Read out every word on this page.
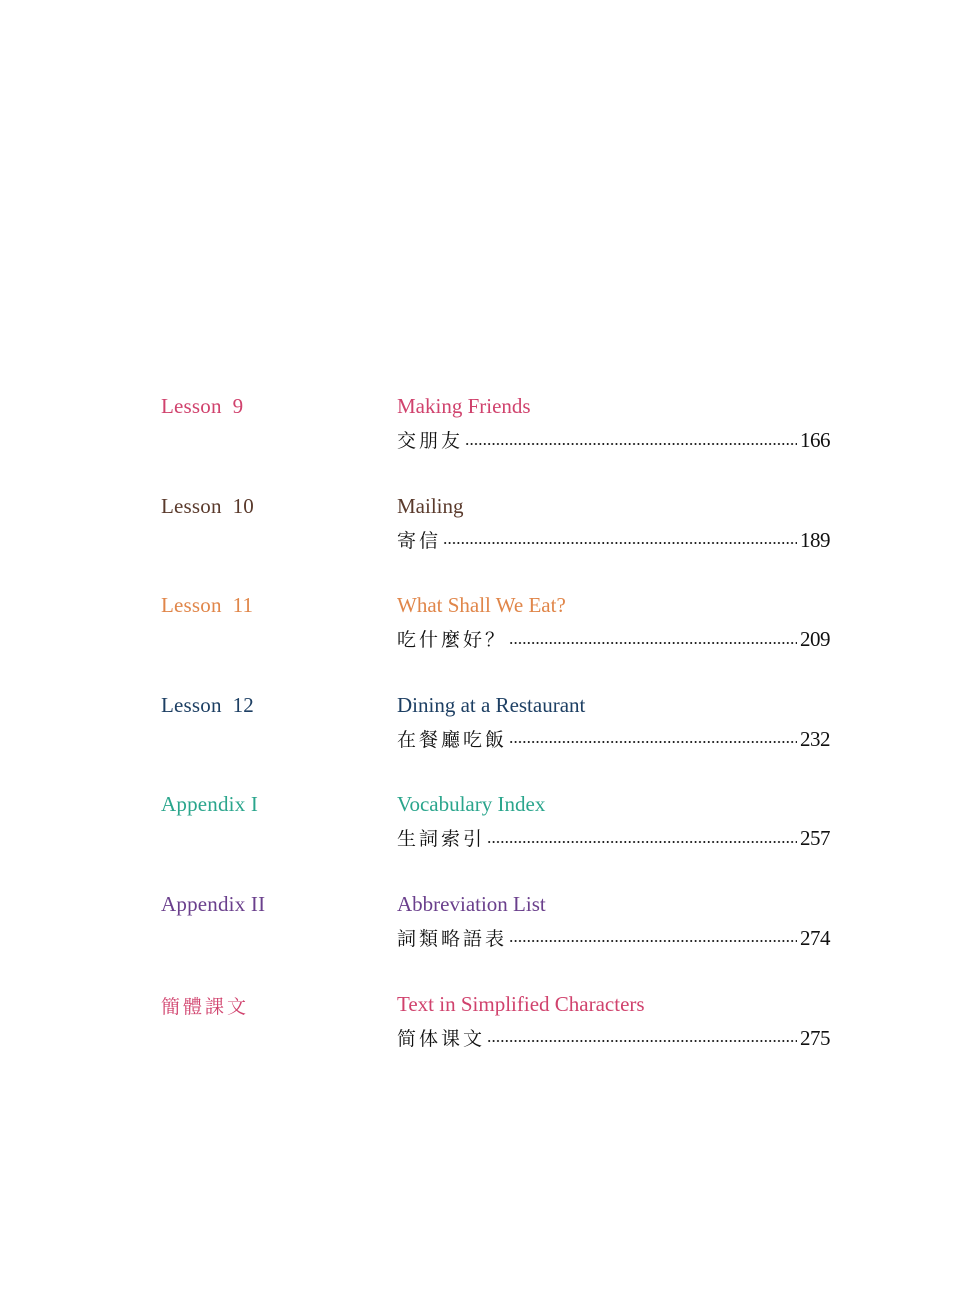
Lesson  9	Making Friends
交朋友	166
Lesson  10	Mailing
寄信	189
Lesson  11	What Shall We Eat?
吃什麼好？	209
Lesson  12	Dining at a Restaurant
在餐廳吃飯	232
Appendix I	Vocabulary Index
生詞索引	257
Appendix II	Abbreviation List
詞類略語表	274
簡體課文	Text in Simplified Characters
简体课文	275
